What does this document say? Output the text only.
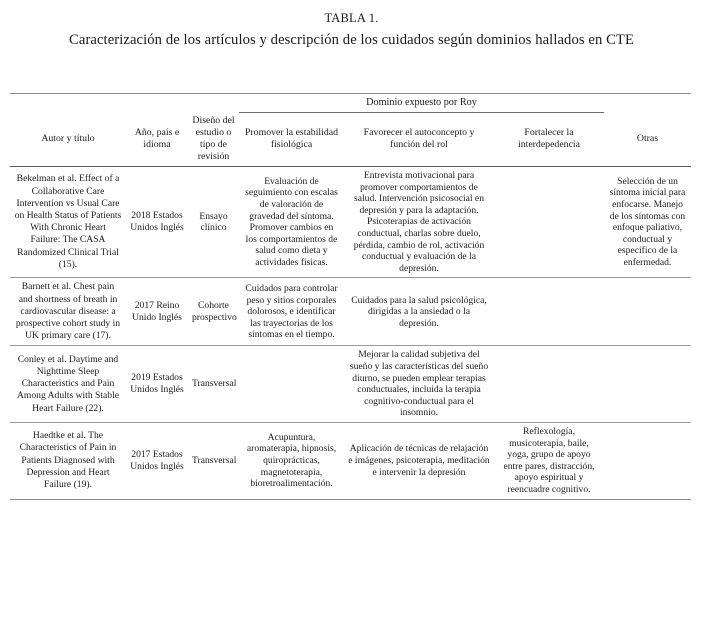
TABLA 1.
Caracterización de los artículos y descripción de los cuidados según dominios hallados en CTE
			Dominio expuesto por Roy			
Autor y título	Año, país e idioma	Diseño del estudio o tipo de revisión	Promover la estabilidad fisiológica	Favorecer el autoconcepto y función del rol	Fortalecer la interdepedencia	Otras
Bekelman et al. Effect of a Collaborative Care Intervention vs Usual Care on Health Status of Patients With Chronic Heart Failure: The CASA Randomized Clinical Trial (15).	2018 Estados Unidos Inglés	Ensayo clínico	Evaluación de seguimiento con escalas de valoración de gravedad del síntoma. Promover cambios en los comportamientos de salud como dieta y actividades físicas.	Entrevista motivacional para promover comportamientos de salud. Intervención psicosocial en depresión y para la adaptación. Psicoterapias de activación conductual, charlas sobre duelo, pérdida, cambio de rol, activación conductual y evaluación de la depresión.		Selección de un síntoma inicial para enfocarse. Manejo de los síntomas con enfoque paliativo, conductual y específico de la enfermedad.
Barnett et al. Chest pain and shortness of breath in cardiovascular disease: a prospective cohort study in UK primary care (17).	2017 Reino Unido Inglés	Cohorte prospectivo	Cuidados para controlar peso y sitios corporales dolorosos, e identificar las trayectorias de los síntomas en el tiempo.	Cuidados para la salud psicológica, dirigidas a la ansiedad o la depresión.		
Conley et al. Daytime and Nighttime Sleep Characteristics and Pain Among Adults with Stable Heart Failure (22).	2019 Estados Unidos Inglés	Transversal		Mejorar la calidad subjetiva del sueño y las características del sueño diurno, se pueden emplear terapias conductuales, incluida la terapia cognitivo-conductual para el insomnio.		
Haedtke et al. The Characteristics of Pain in Patients Diagnosed with Depression and Heart Failure (19).	2017 Estados Unidos Inglés	Transversal	Acupuntura, aromaterapia, hipnosis, quiroprácticas, magnetoterapia, bioretroalimentación.	Aplicación de técnicas de relajación e imágenes, psicoterapia, meditación e intervenir la depresión	Reflexología, musicoterapia, baile, yoga, grupo de apoyo entre pares, distracción, apoyo espiritual y reencuadre cognitivo.	
